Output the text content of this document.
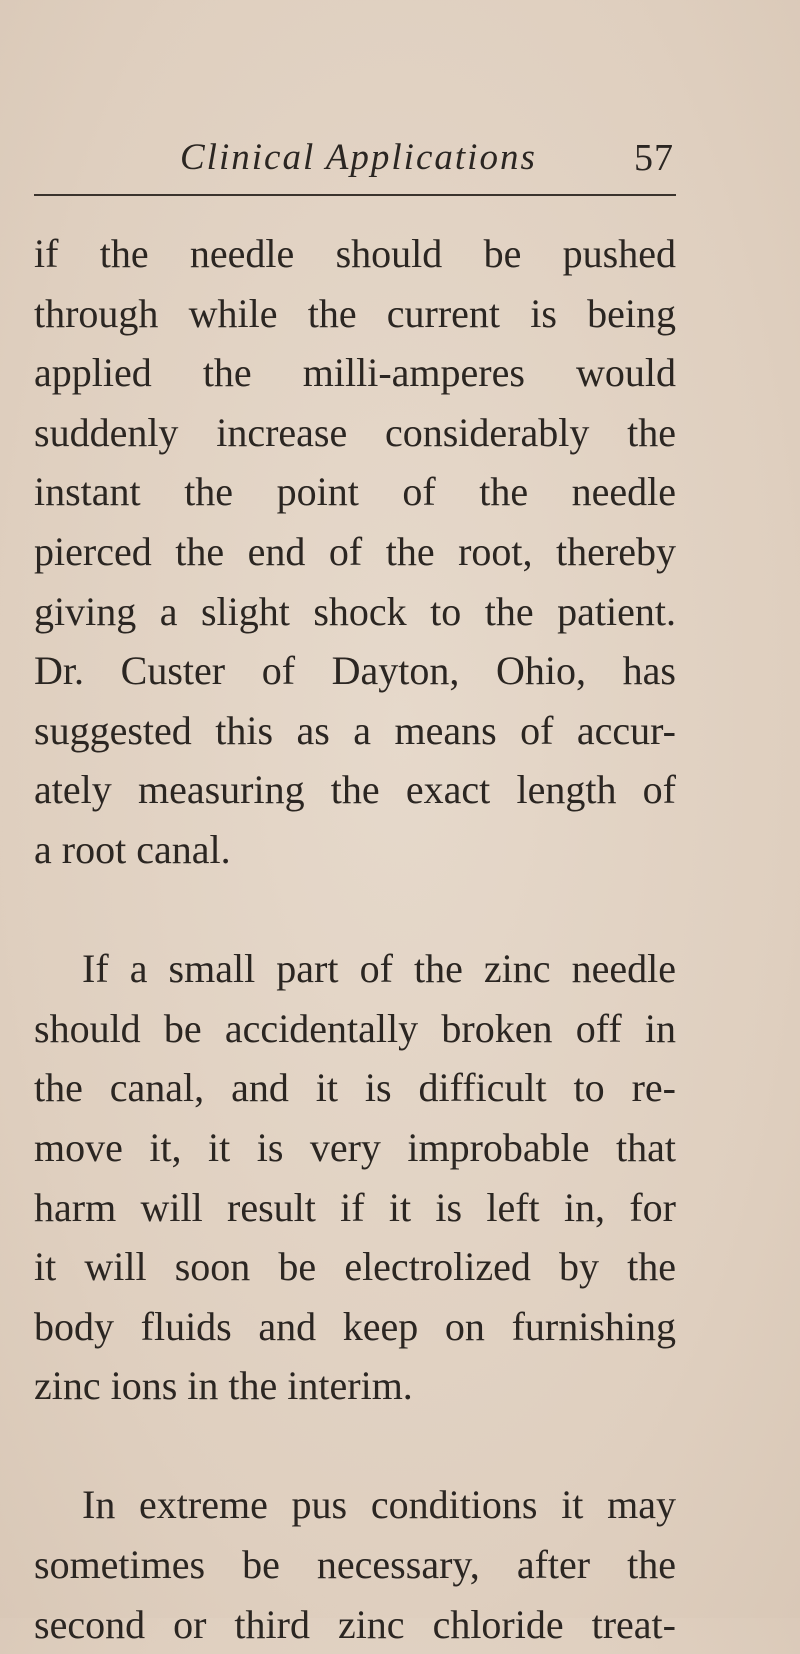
Clinical Applications	57
if the needle should be pushed
through while the current is being
applied the milli-amperes would
suddenly increase considerably the
instant the point of the needle
pierced the end of the root, thereby
giving a slight shock to the patient.
Dr. Custer of Dayton, Ohio, has
suggested this as a means of accur-
ately measuring the exact length of
a root canal.
If a small part of the zinc needle
should be accidentally broken off in
the canal, and it is difficult to re-
move it, it is very improbable that
harm will result if it is left in, for
it will soon be electrolized by the
body fluids and keep on furnishing
zinc ions in the interim.
In extreme pus conditions it may
sometimes be necessary, after the
second or third zinc chloride treat-
